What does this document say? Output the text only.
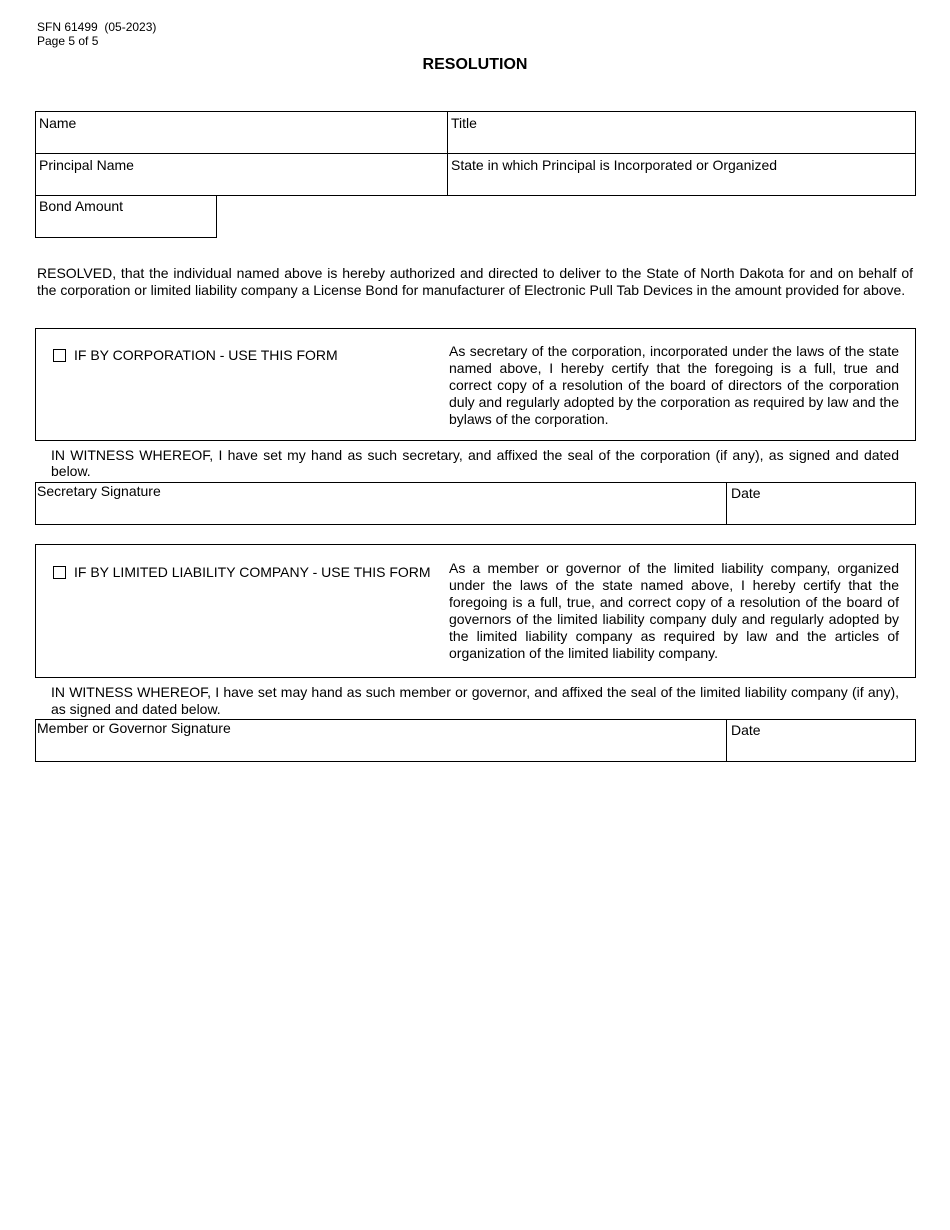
SFN 61499  (05-2023)
Page 5 of 5
RESOLUTION
Name	Title
Principal Name	State in which Principal is Incorporated or Organized
Bond Amount
RESOLVED, that the individual named above is hereby authorized and directed to deliver to the State of North Dakota for and on behalf of the corporation or limited liability company a License Bond for manufacturer of Electronic Pull Tab Devices in the amount provided for above.
IF BY CORPORATION - USE THIS FORM	As secretary of the corporation, incorporated under the laws of the state named above, I hereby certify that the foregoing is a full, true and correct copy of a resolution of the board of directors of the corporation duly and regularly adopted by the corporation as required by law and the bylaws of the corporation.
IN WITNESS WHEREOF, I have set my hand as such secretary, and affixed the seal of the corporation (if any), as signed and dated below.
Secretary Signature	Date
IF BY LIMITED LIABILITY COMPANY - USE THIS FORM	As a member or governor of the limited liability company, organized under the laws of the state named above, I hereby certify that the foregoing is a full, true, and correct copy of a resolution of the board of governors of the limited liability company duly and regularly adopted by the limited liability company as required by law and the articles of organization of the limited liability company.
IN WITNESS WHEREOF, I have set may hand as such member or governor, and affixed the seal of the limited liability company (if any), as signed and dated below.
Member or Governor Signature	Date
